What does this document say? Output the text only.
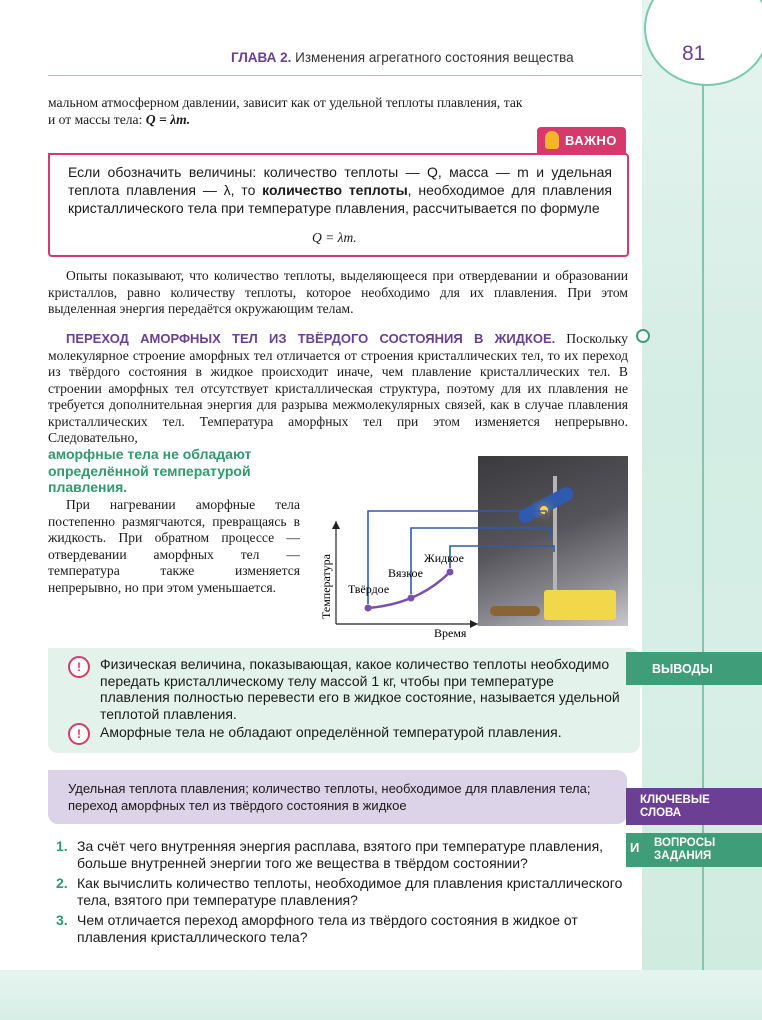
81
ГЛАВА 2. Изменения агрегатного состояния вещества
мальном атмосферном давлении, зависит как от удельной теплоты плавления, так
и от массы тела: Q = λm.
ВАЖНО
Если обозначить величины: количество теплоты — Q, масса — m и удельная теплота плавления — λ, то количество теплоты, необходимое для плавления кристаллического тела при температуре плавления, рассчитывается по формуле
Q = λm.
Опыты показывают, что количество теплоты, выделяющееся при отвердевании и образовании кристаллов, равно количеству теплоты, которое необходимо для их плавления. При этом выделенная энергия передаётся окружающим телам.
ПЕРЕХОД АМОРФНЫХ ТЕЛ ИЗ ТВЁРДОГО СОСТОЯНИЯ В ЖИДКОЕ. Поскольку молекулярное строение аморфных тел отличается от строения кристаллических тел, то их переход из твёрдого состояния в жидкое происходит иначе, чем плавление кристаллических тел. В строении аморфных тел отсутствует кристаллическая структура, поэтому для их плавления не требуется дополнительная энергия для разрыва межмолекулярных связей, как в случае плавления кристаллических тел. Температура аморфных тел при этом изменяется непрерывно. Следовательно,
аморфные тела не обладают определённой температурой плавления.
При нагревании аморфные тела постепенно размягчаются, превращаясь в жидкость. При обратном процессе — отвердевании аморфных тел — температура также изменяется непрерывно, но при этом уменьшается.	Температура
Время
Твёрдое
Вязкое
Жидкое
ВЫВОДЫ
!	Физическая величина, показывающая, какое количество теплоты необходимо передать кристаллическому телу массой 1 кг, чтобы при температуре плавления полностью перевести его в жидкое состояние, называется удельной теплотой плавления.
!	Аморфные тела не обладают определённой температурой плавления.
Удельная теплота плавления; количество теплоты, необходимое для плавления тела; переход аморфных тел из твёрдого состояния в жидкое	КЛЮЧЕВЫЕ
СЛОВА
ВОПРОСЫ
И
ЗАДАНИЯ
1. За счёт чего внутренняя энергия расплава, взятого при температуре плавления, больше внутренней энергии того же вещества в твёрдом состоянии?
2. Как вычислить количество теплоты, необходимое для плавления кристаллического тела, взятого при температуре плавления?
3. Чем отличается переход аморфного тела из твёрдого состояния в жидкое от плавления кристаллического тела?
